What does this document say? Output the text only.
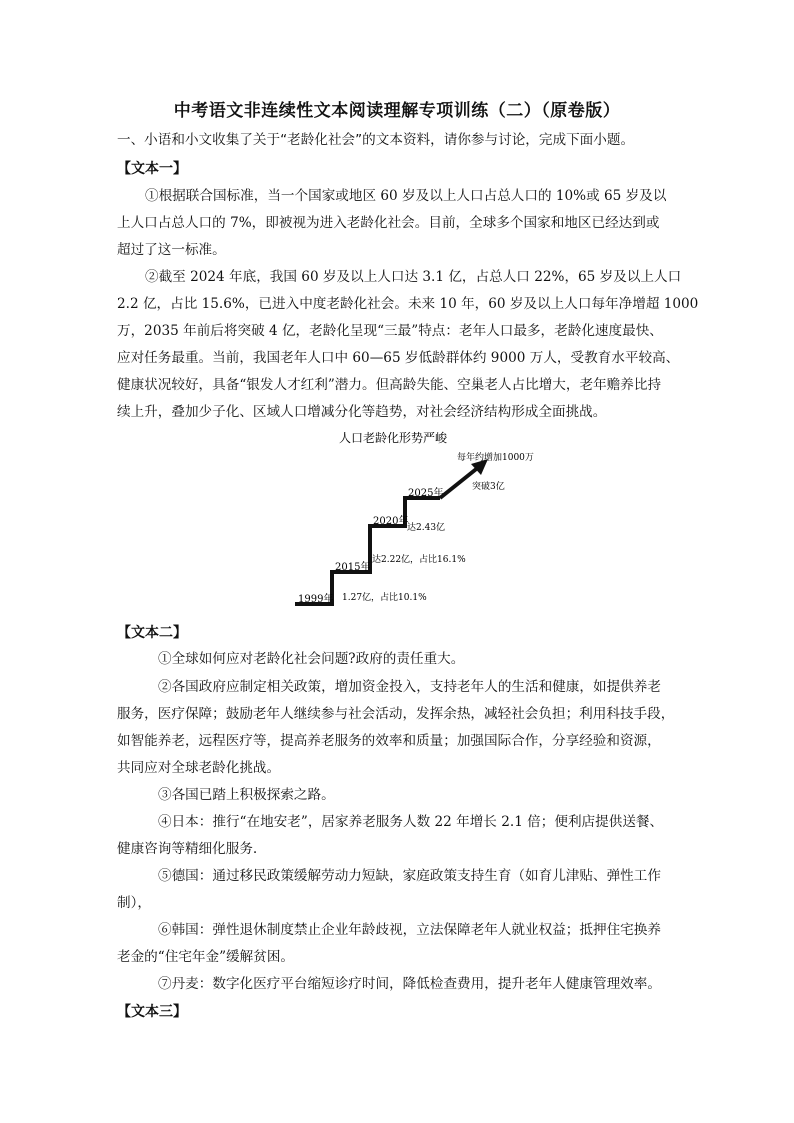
中考语文非连续性文本阅读理解专项训练（二）（原卷版）
一、小语和小文收集了关于“老龄化社会”的文本资料，请你参与讨论，完成下面小题。
【文本一】
①根据联合国标准，当一个国家或地区 60 岁及以上人口占总人口的 10%或 65 岁及以
上人口占总人口的 7%，即被视为进入老龄化社会。目前，全球多个国家和地区已经达到或
超过了这一标准。
②截至 2024 年底，我国 60 岁及以上人口达 3.1 亿，占总人口 22%，65 岁及以上人口
2.2 亿，占比 15.6%，已进入中度老龄化社会。未来 10 年，60 岁及以上人口每年净增超 1000
万，2035 年前后将突破 4 亿，老龄化呈现“三最”特点：老年人口最多，老龄化速度最快、
应对任务最重。当前，我国老年人口中 60—65 岁低龄群体约 9000 万人，受教育水平较高、
健康状况较好，具备“银发人才红利”潜力。但高龄失能、空巢老人占比增大，老年赡养比持
续上升，叠加少子化、区域人口增减分化等趋势，对社会经济结构形成全面挑战。
人口老龄化形势严峻
1999年
2015年
2020年
2025年
1.27亿，占比10.1%
达2.22亿，占比16.1%
达2.43亿
突破3亿
每年约增加1000万
【文本二】
①全球如何应对老龄化社会问题?政府的责任重大。
②各国政府应制定相关政策，增加资金投入，支持老年人的生活和健康，如提供养老
服务，医疗保障；鼓励老年人继续参与社会活动，发挥余热，减轻社会负担；利用科技手段，
如智能养老，远程医疗等，提高养老服务的效率和质量；加强国际合作，分享经验和资源，
共同应对全球老龄化挑战。
③各国已踏上积极探索之路。
④日本：推行“在地安老”，居家养老服务人数 22 年增长 2.1 倍；便利店提供送餐、
健康咨询等精细化服务.
⑤德国：通过移民政策缓解劳动力短缺，家庭政策支持生育（如育儿津贴、弹性工作
制），
⑥韩国：弹性退休制度禁止企业年龄歧视，立法保障老年人就业权益；抵押住宅换养
老金的“住宅年金”缓解贫困。
⑦丹麦：数字化医疗平台缩短诊疗时间，降低检查费用，提升老年人健康管理效率。
【文本三】
